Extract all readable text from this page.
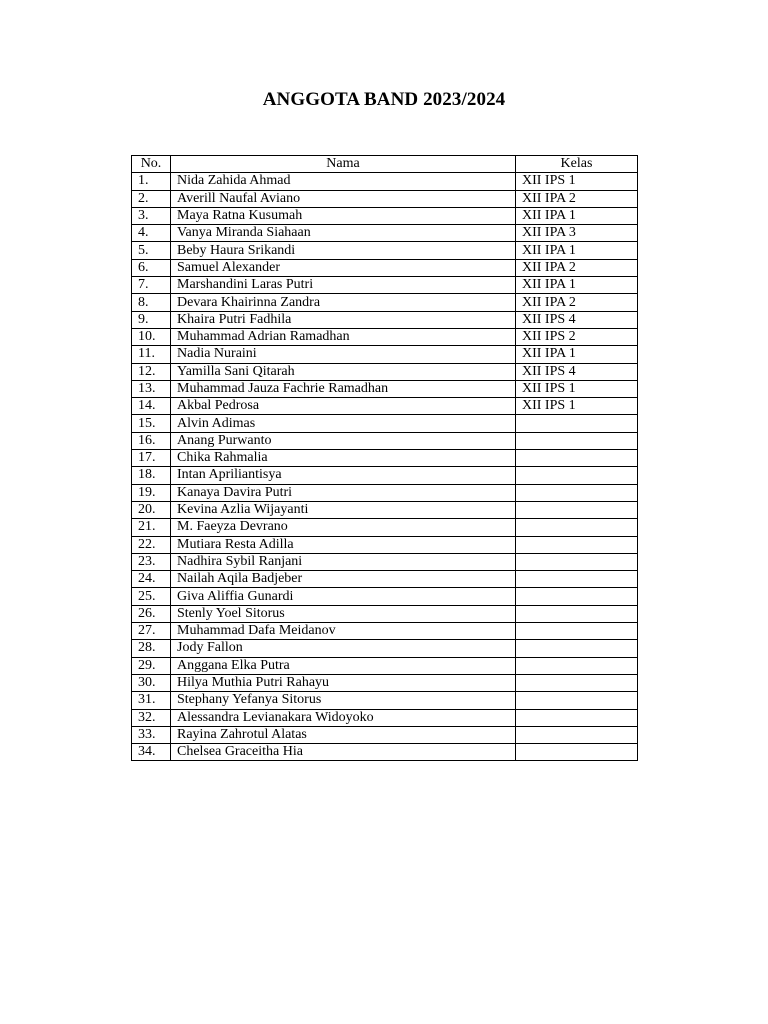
ANGGOTA BAND 2023/2024
No.	Nama	Kelas
1.	Nida Zahida Ahmad	XII IPS 1
2.	Averill Naufal Aviano	XII IPA 2
3.	Maya Ratna Kusumah	XII IPA 1
4.	Vanya Miranda Siahaan	XII IPA 3
5.	Beby Haura Srikandi	XII IPA 1
6.	Samuel Alexander	XII IPA 2
7.	Marshandini Laras Putri	XII IPA 1
8.	Devara Khairinna Zandra	XII IPA 2
9.	Khaira Putri Fadhila	XII IPS 4
10.	Muhammad Adrian Ramadhan	XII IPS 2
11.	Nadia Nuraini	XII IPA 1
12.	Yamilla Sani Qitarah	XII IPS 4
13.	Muhammad Jauza Fachrie Ramadhan	XII IPS 1
14.	Akbal Pedrosa	XII IPS 1
15.	Alvin Adimas	
16.	Anang Purwanto	
17.	Chika Rahmalia	
18.	Intan Apriliantisya	
19.	Kanaya Davira Putri	
20.	Kevina Azlia Wijayanti	
21.	M. Faeyza Devrano	
22.	Mutiara Resta Adilla	
23.	Nadhira Sybil Ranjani	
24.	Nailah Aqila Badjeber	
25.	Giva Aliffia Gunardi	
26.	Stenly Yoel Sitorus	
27.	Muhammad Dafa Meidanov	
28.	Jody Fallon	
29.	Anggana Elka Putra	
30.	Hilya Muthia Putri Rahayu	
31.	Stephany Yefanya Sitorus	
32.	Alessandra Levianakara Widoyoko	
33.	Rayina Zahrotul Alatas	
34.	Chelsea Graceitha Hia	
